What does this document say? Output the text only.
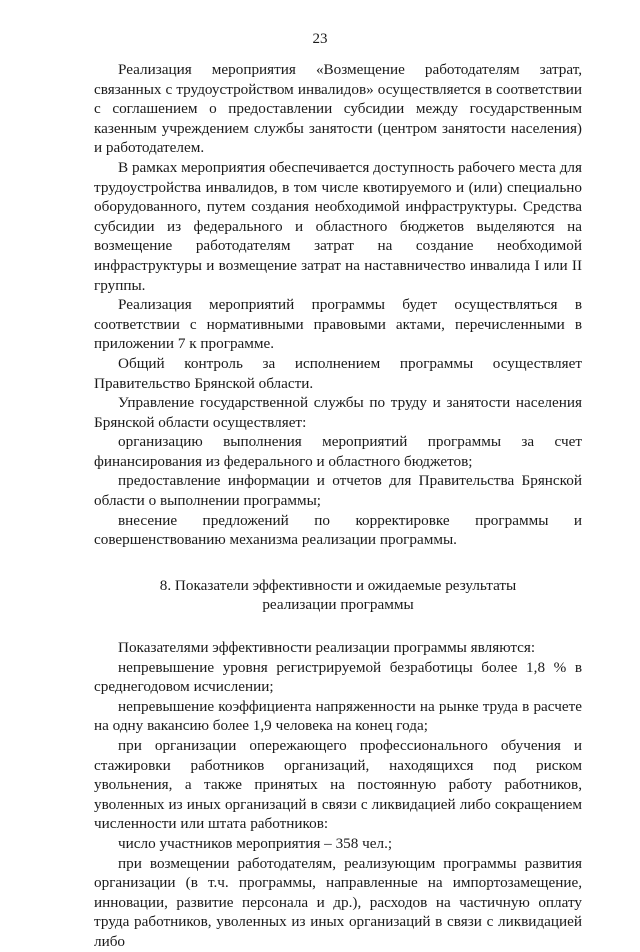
23

Реализация мероприятия «Возмещение работодателям затрат, связанных с трудоустройством инвалидов» осуществляется в соответствии с соглашением о предоставлении субсидии между государственным казенным учреждением службы занятости (центром занятости населения) и работодателем.

В рамках мероприятия обеспечивается доступность рабочего места для трудоустройства инвалидов, в том числе квотируемого и (или) специально оборудованного, путем создания необходимой инфраструктуры. Средства субсидии из федерального и областного бюджетов выделяются на возмещение работодателям затрат на создание необходимой инфраструктуры и возмещение затрат на наставничество инвалида I или II группы.

Реализация мероприятий программы будет осуществляться в соответствии с нормативными правовыми актами, перечисленными в приложении 7 к программе.

Общий контроль за исполнением программы осуществляет Правительство Брянской области.

Управление государственной службы по труду и занятости населения Брянской области осуществляет:

организацию выполнения мероприятий программы за счет финансирования из федерального и областного бюджетов;

предоставление информации и отчетов для Правительства Брянской области о выполнении программы;

внесение предложений по корректировке программы и совершенствованию механизма реализации программы.

8. Показатели эффективности и ожидаемые результаты
реализации программы

Показателями эффективности реализации программы являются:

непревышение уровня регистрируемой безработицы более 1,8 % в среднегодовом исчислении;

непревышение коэффициента напряженности на рынке труда в расчете на одну вакансию более 1,9 человека на конец года;

при организации опережающего профессионального обучения и стажировки работников организаций, находящихся под риском увольнения, а также принятых на постоянную работу работников, уволенных из иных организаций в связи с ликвидацией либо сокращением численности или штата работников:

число участников мероприятия – 358 чел.;

при возмещении работодателям, реализующим программы развития организации (в т.ч. программы, направленные на импортозамещение, инновации, развитие персонала и др.), расходов на частичную оплату труда работников, уволенных из иных организаций в связи с ликвидацией либо
